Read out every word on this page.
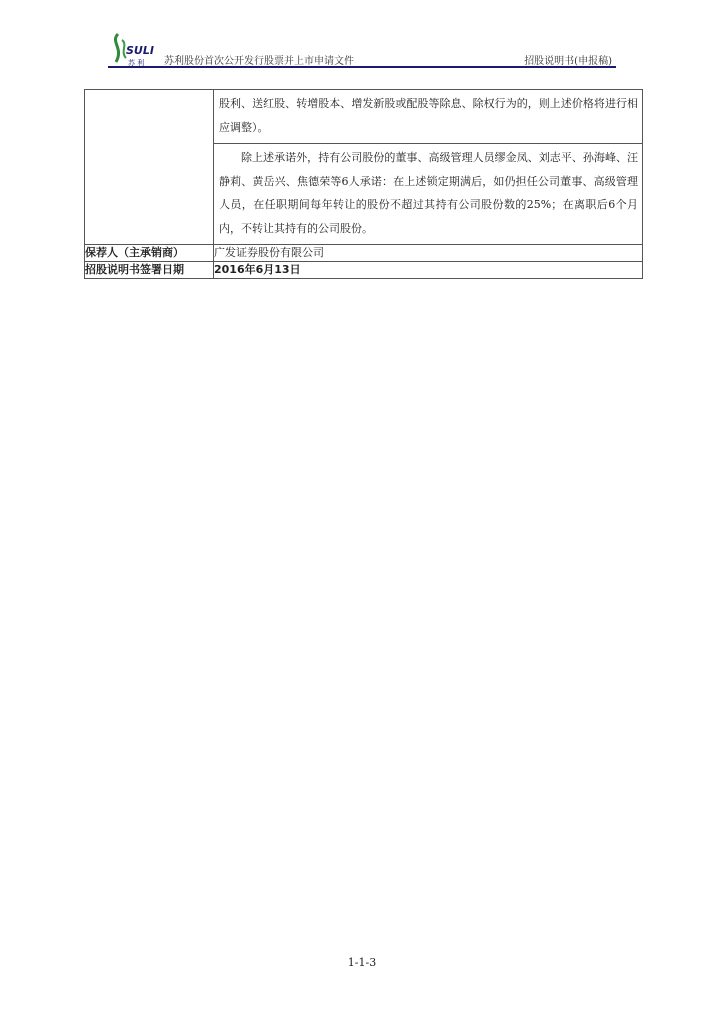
SULI
苏 利 苏利股份首次公开发行股票并上市申请文件	招股说明书(申报稿)

	股利、送红股、转增股本、增发新股或配股等除息、除权行为的，则上述价格将进行相应调整）。
除上述承诺外，持有公司股份的董事、高级管理人员缪金凤、刘志平、孙海峰、汪静莉、黄岳兴、焦德荣等6人承诺：在上述锁定期满后，如仍担任公司董事、高级管理人员，在任职期间每年转让的股份不超过其持有公司股份数的25%；在离职后6个月内，不转让其持有的公司股份。

保荐人（主承销商）	广发证券股份有限公司
招股说明书签署日期	2016年6月13日
1-1-3
